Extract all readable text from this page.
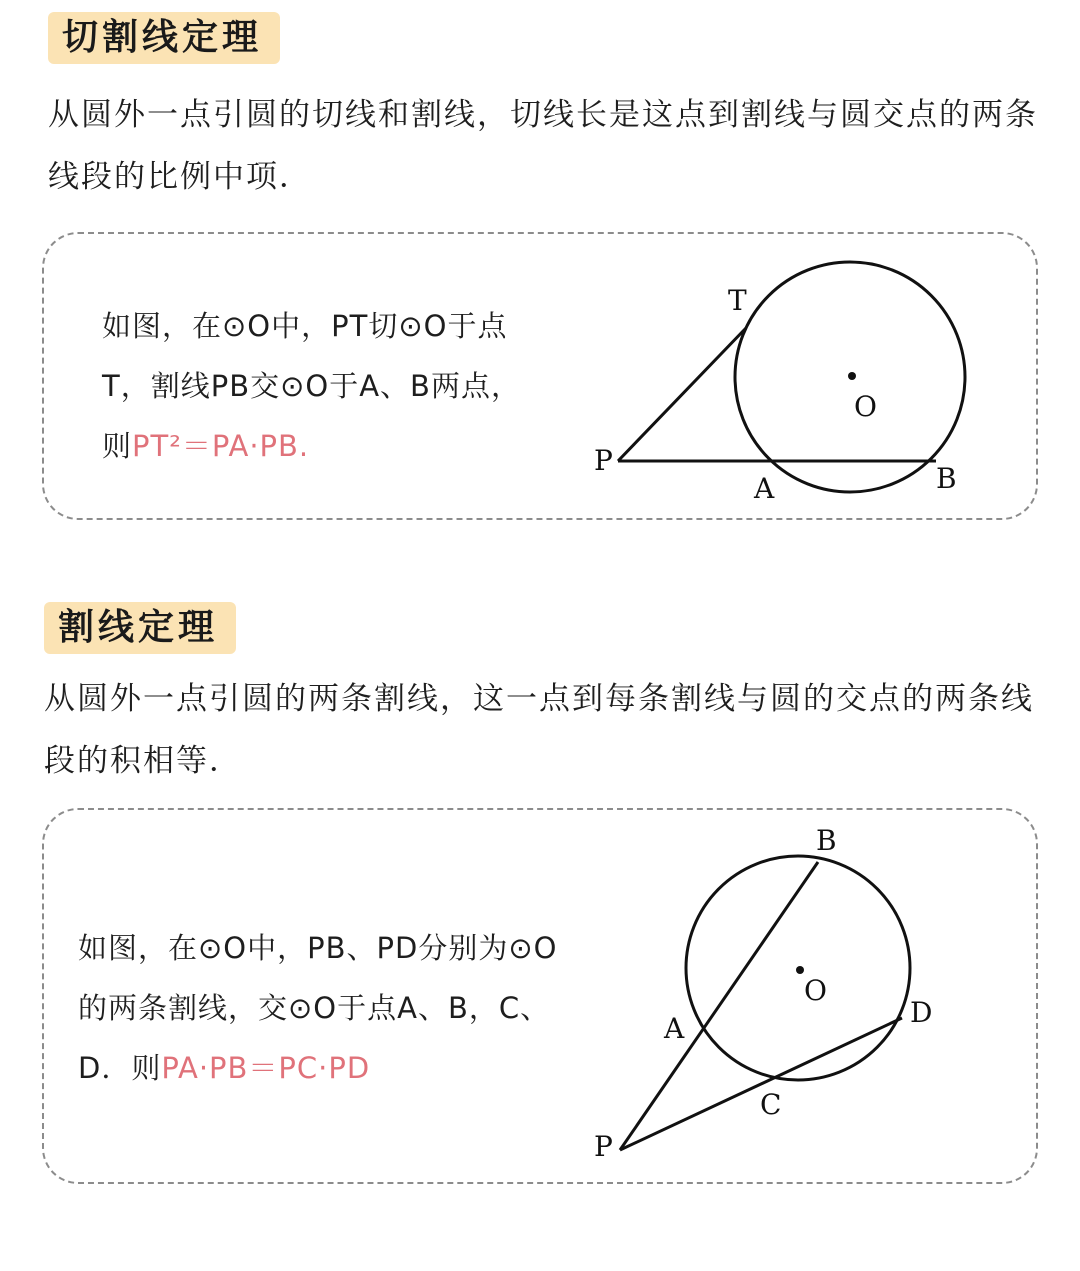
切割线定理
从圆外一点引圆的切线和割线，切线长是这点到割线与圆交点的两条线段的比例中项．
如图，在⊙O中，PT切⊙O于点T，割线PB交⊙O于A、B两点，则PT²＝PA·PB.
T
O
P
A	B
割线定理
从圆外一点引圆的两条割线，这一点到每条割线与圆的交点的两条线段的积相等．
如图，在⊙O中，PB、PD分别为⊙O的两条割线，交⊙O于点A、B，C、D．则PA·PB＝PC·PD
B
O
A	D
C
P
